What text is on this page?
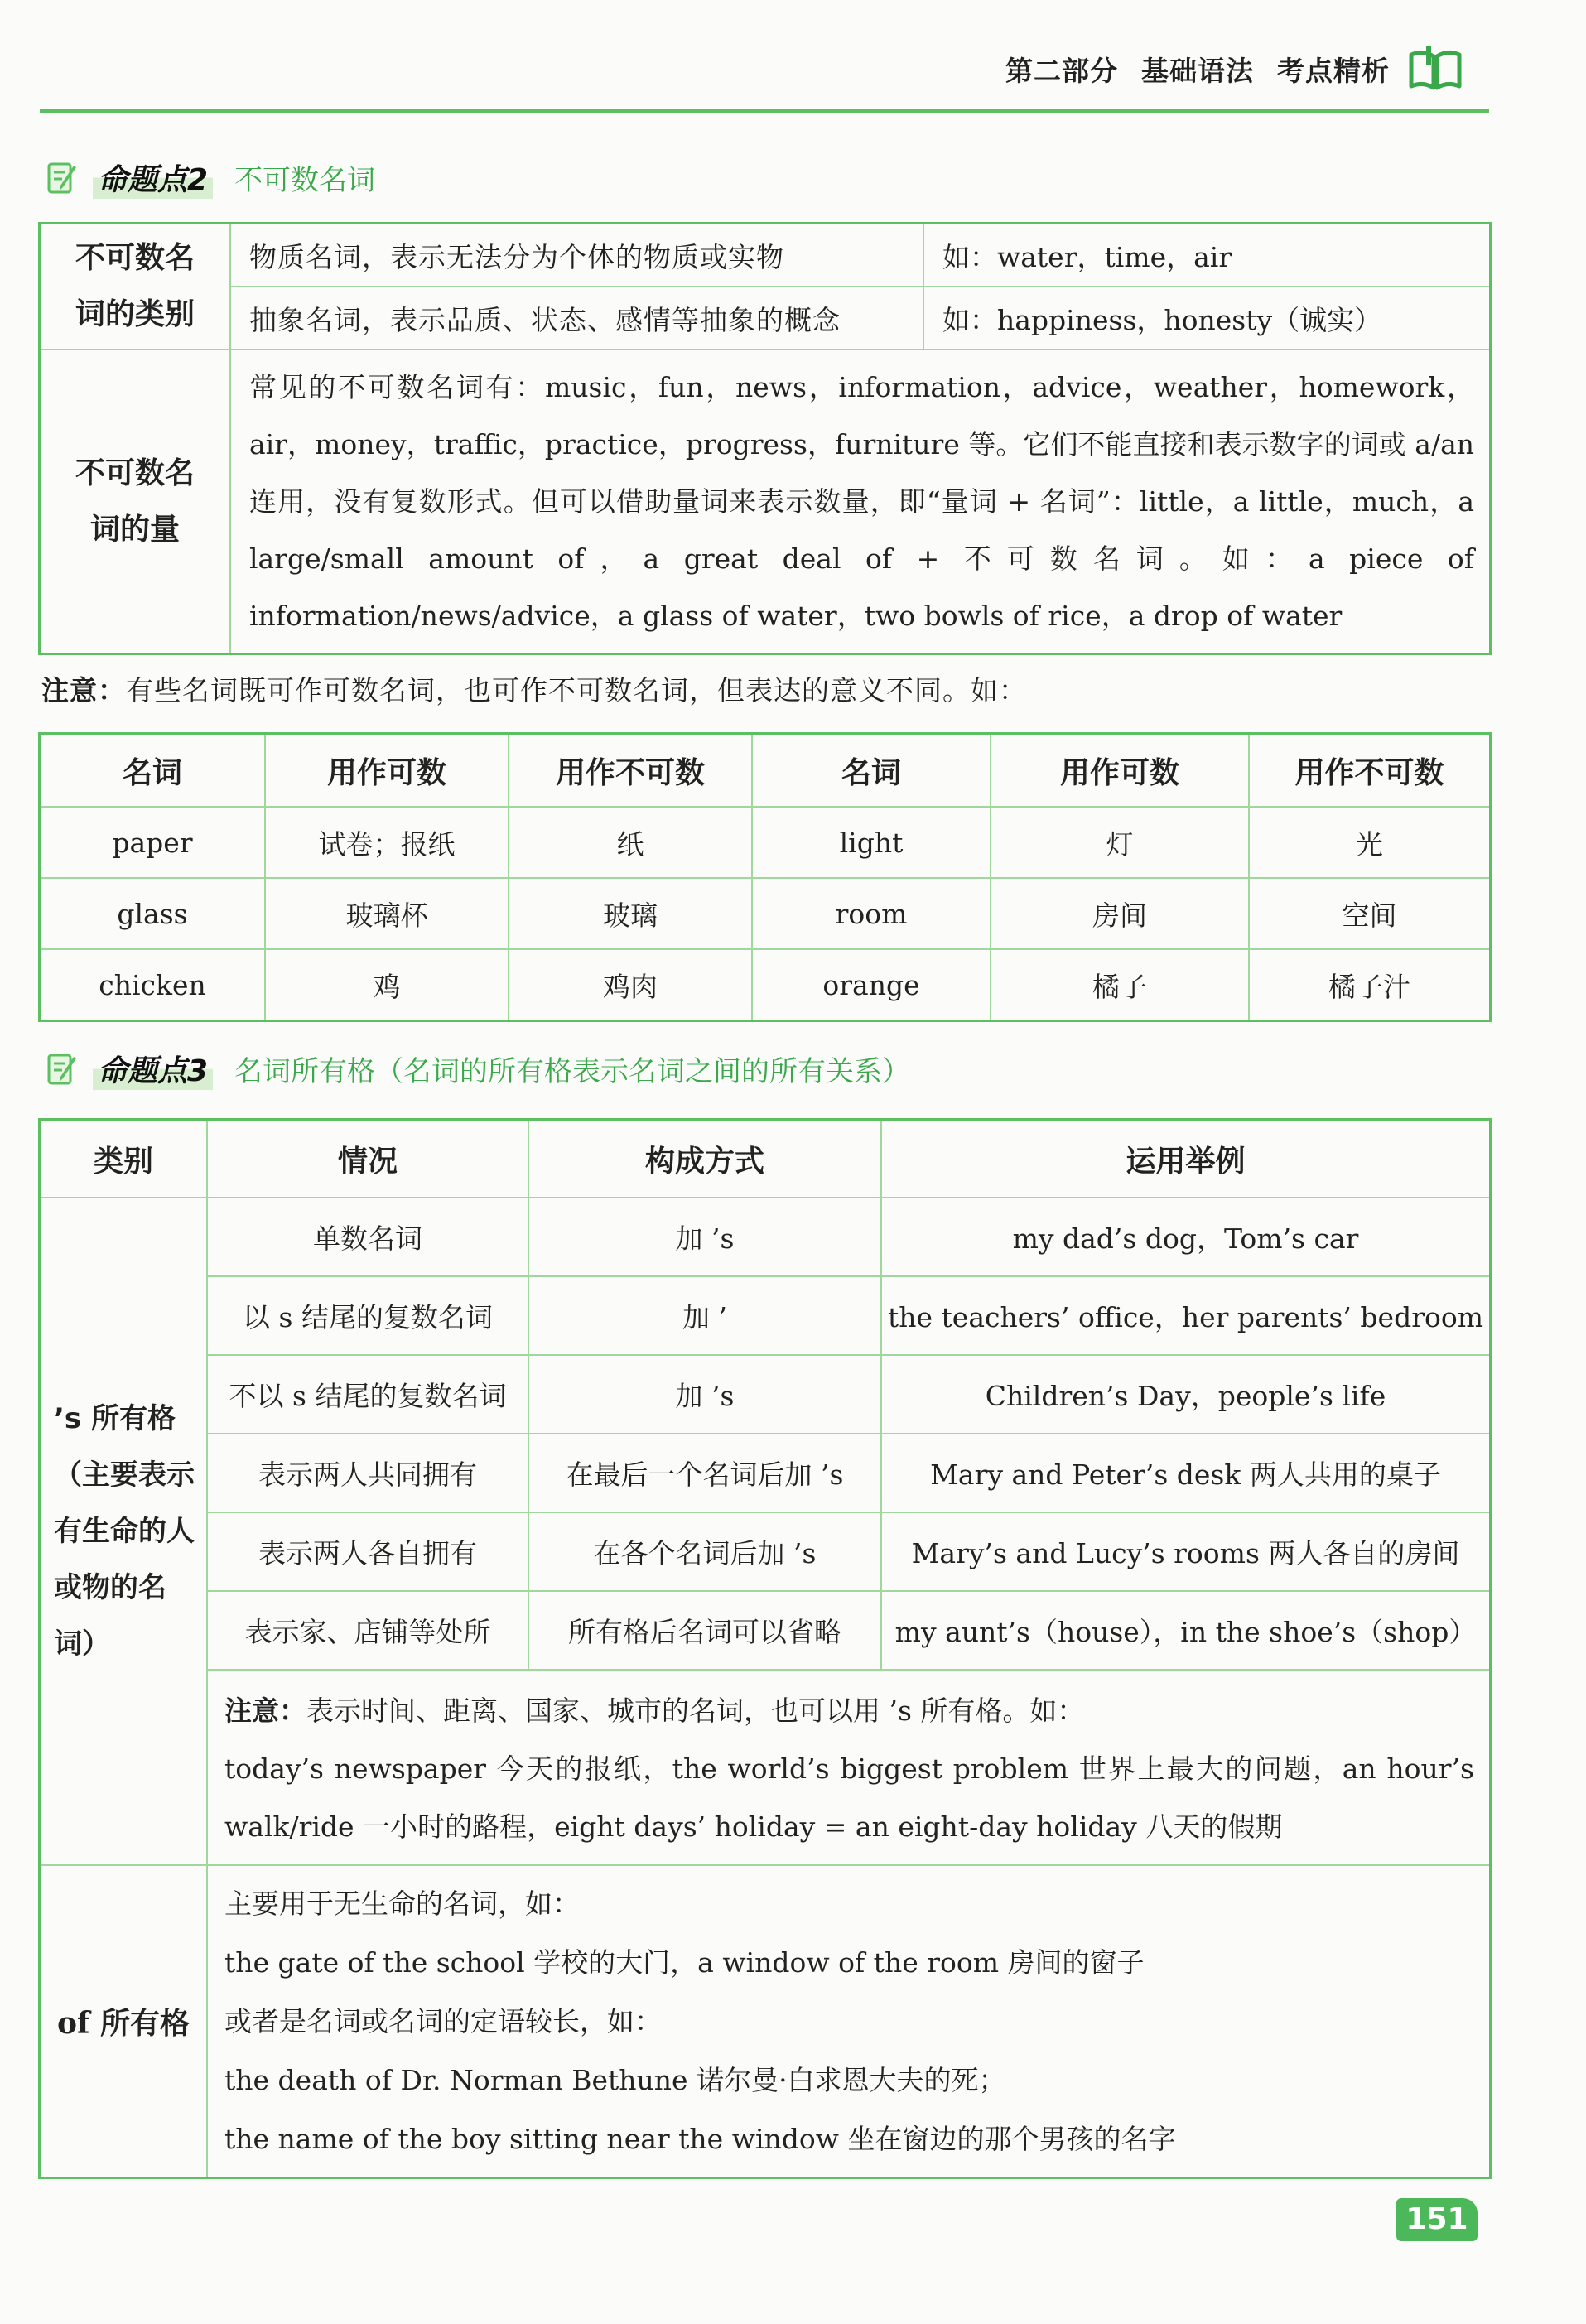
第二部分 基础语法 考点精析
命题点2 不可数名词
不可数名词的类别	物质名词，表示无法分为个体的物质或实物	如：water，time，air
	抽象名词，表示品质、状态、感情等抽象的概念	如：happiness，honesty（诚实）
不可数名词的量	常见的不可数名词有：music，fun，news，information，advice，weather，homework，air，money，traffic，practice，progress，furniture 等。它们不能直接和表示数字的词或 a/an 连用，没有复数形式。但可以借助量词来表示数量，即“量词 + 名词”：little，a little，much，a large/small amount of，a great deal of + 不可数名词。如：a piece of information/news/advice，a glass of water，two bowls of rice，a drop of water	
注意：有些名词既可作可数名词，也可作不可数名词，但表达的意义不同。如：
名词	用作可数	用作不可数	名词	用作可数	用作不可数
paper	试卷；报纸	纸	light	灯	光
glass	玻璃杯	玻璃	room	房间	空间
chicken	鸡	鸡肉	orange	橘子	橘子汁
命题点3 名词所有格（名词的所有格表示名词之间的所有关系）
类别	情况	构成方式	运用举例
’s 所有格（主要表示有生命的人或物的名词）	单数名词	加 ’s	my dad’s dog，Tom’s car
	以 s 结尾的复数名词	加 ’	the teachers’ office，her parents’ bedroom
	不以 s 结尾的复数名词	加 ’s	Children’s Day，people’s life
	表示两人共同拥有	在最后一个名词后加 ’s	Mary and Peter’s desk 两人共用的桌子
	表示两人各自拥有	在各个名词后加 ’s	Mary’s and Lucy’s rooms 两人各自的房间
	表示家、店铺等处所	所有格后名词可以省略	my aunt’s（house），in the shoe’s（shop）
	注意：表示时间、距离、国家、城市的名词，也可以用 ’s 所有格。如：
today’s newspaper 今天的报纸，the world’s biggest problem 世界上最大的问题，an hour’s walk/ride 一小时的路程，eight days’ holiday = an eight-day holiday 八天的假期		
of 所有格	主要用于无生命的名词，如：
the gate of the school 学校的大门，a window of the room 房间的窗子
或者是名词或名词的定语较长，如：
the death of Dr. Norman Bethune 诺尔曼·白求恩大夫的死；
the name of the boy sitting near the window 坐在窗边的那个男孩的名字		
151
